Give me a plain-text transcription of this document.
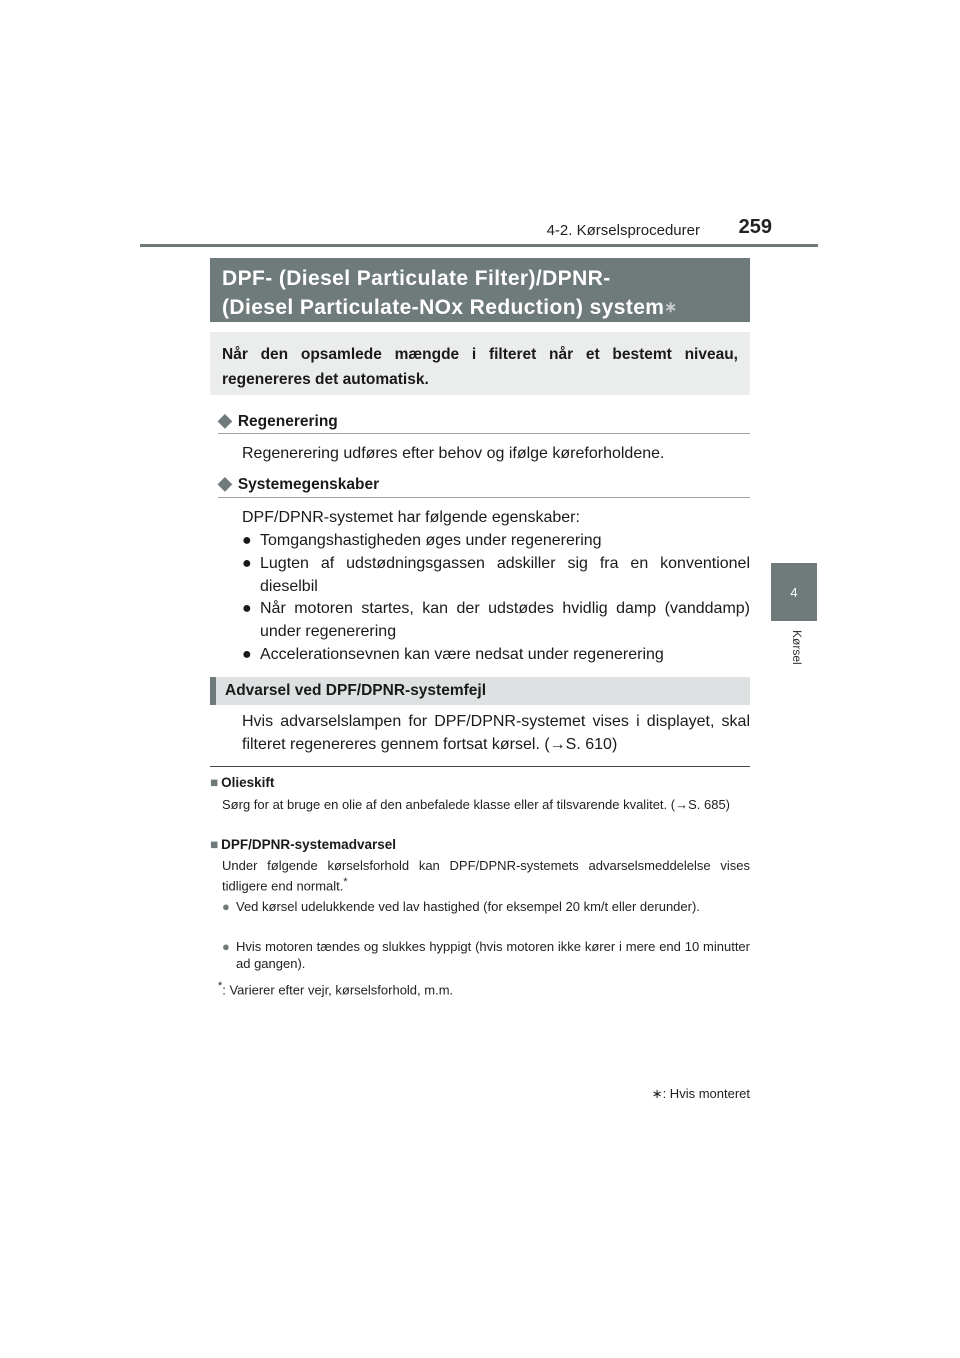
4-2. Kørselsprocedurer 259
4
Kørsel
DPF- (Diesel Particulate Filter)/DPNR-
(Diesel Particulate-NOx Reduction) system∗
Når den opsamlede mængde i filteret når et bestemt niveau, regenereres det automatisk.
◆ Regenerering
Regenerering udføres efter behov og ifølge køreforholdene.
◆ Systemegenskaber
DPF/DPNR-systemet har følgende egenskaber:
● Tomgangshastigheden øges under regenerering
● Lugten af udstødningsgassen adskiller sig fra en konventionel dieselbil
● Når motoren startes, kan der udstødes hvidlig damp (vanddamp) under regenerering
● Accelerationsevnen kan være nedsat under regenerering
Advarsel ved DPF/DPNR-systemfejl
Hvis advarselslampen for DPF/DPNR-systemet vises i displayet, skal filteret regenereres gennem fortsat kørsel. (→S. 610)
■ Olieskift
Sørg for at bruge en olie af den anbefalede klasse eller af tilsvarende kvalitet. (→S. 685)
■ DPF/DPNR-systemadvarsel
Under følgende kørselsforhold kan DPF/DPNR-systemets advarselsmeddelelse vises tidligere end normalt.*
● Ved kørsel udelukkende ved lav hastighed (for eksempel 20 km/t eller derunder).
● Hvis motoren tændes og slukkes hyppigt (hvis motoren ikke kører i mere end 10 minutter ad gangen).
*: Varierer efter vejr, kørselsforhold, m.m.
∗: Hvis monteret
